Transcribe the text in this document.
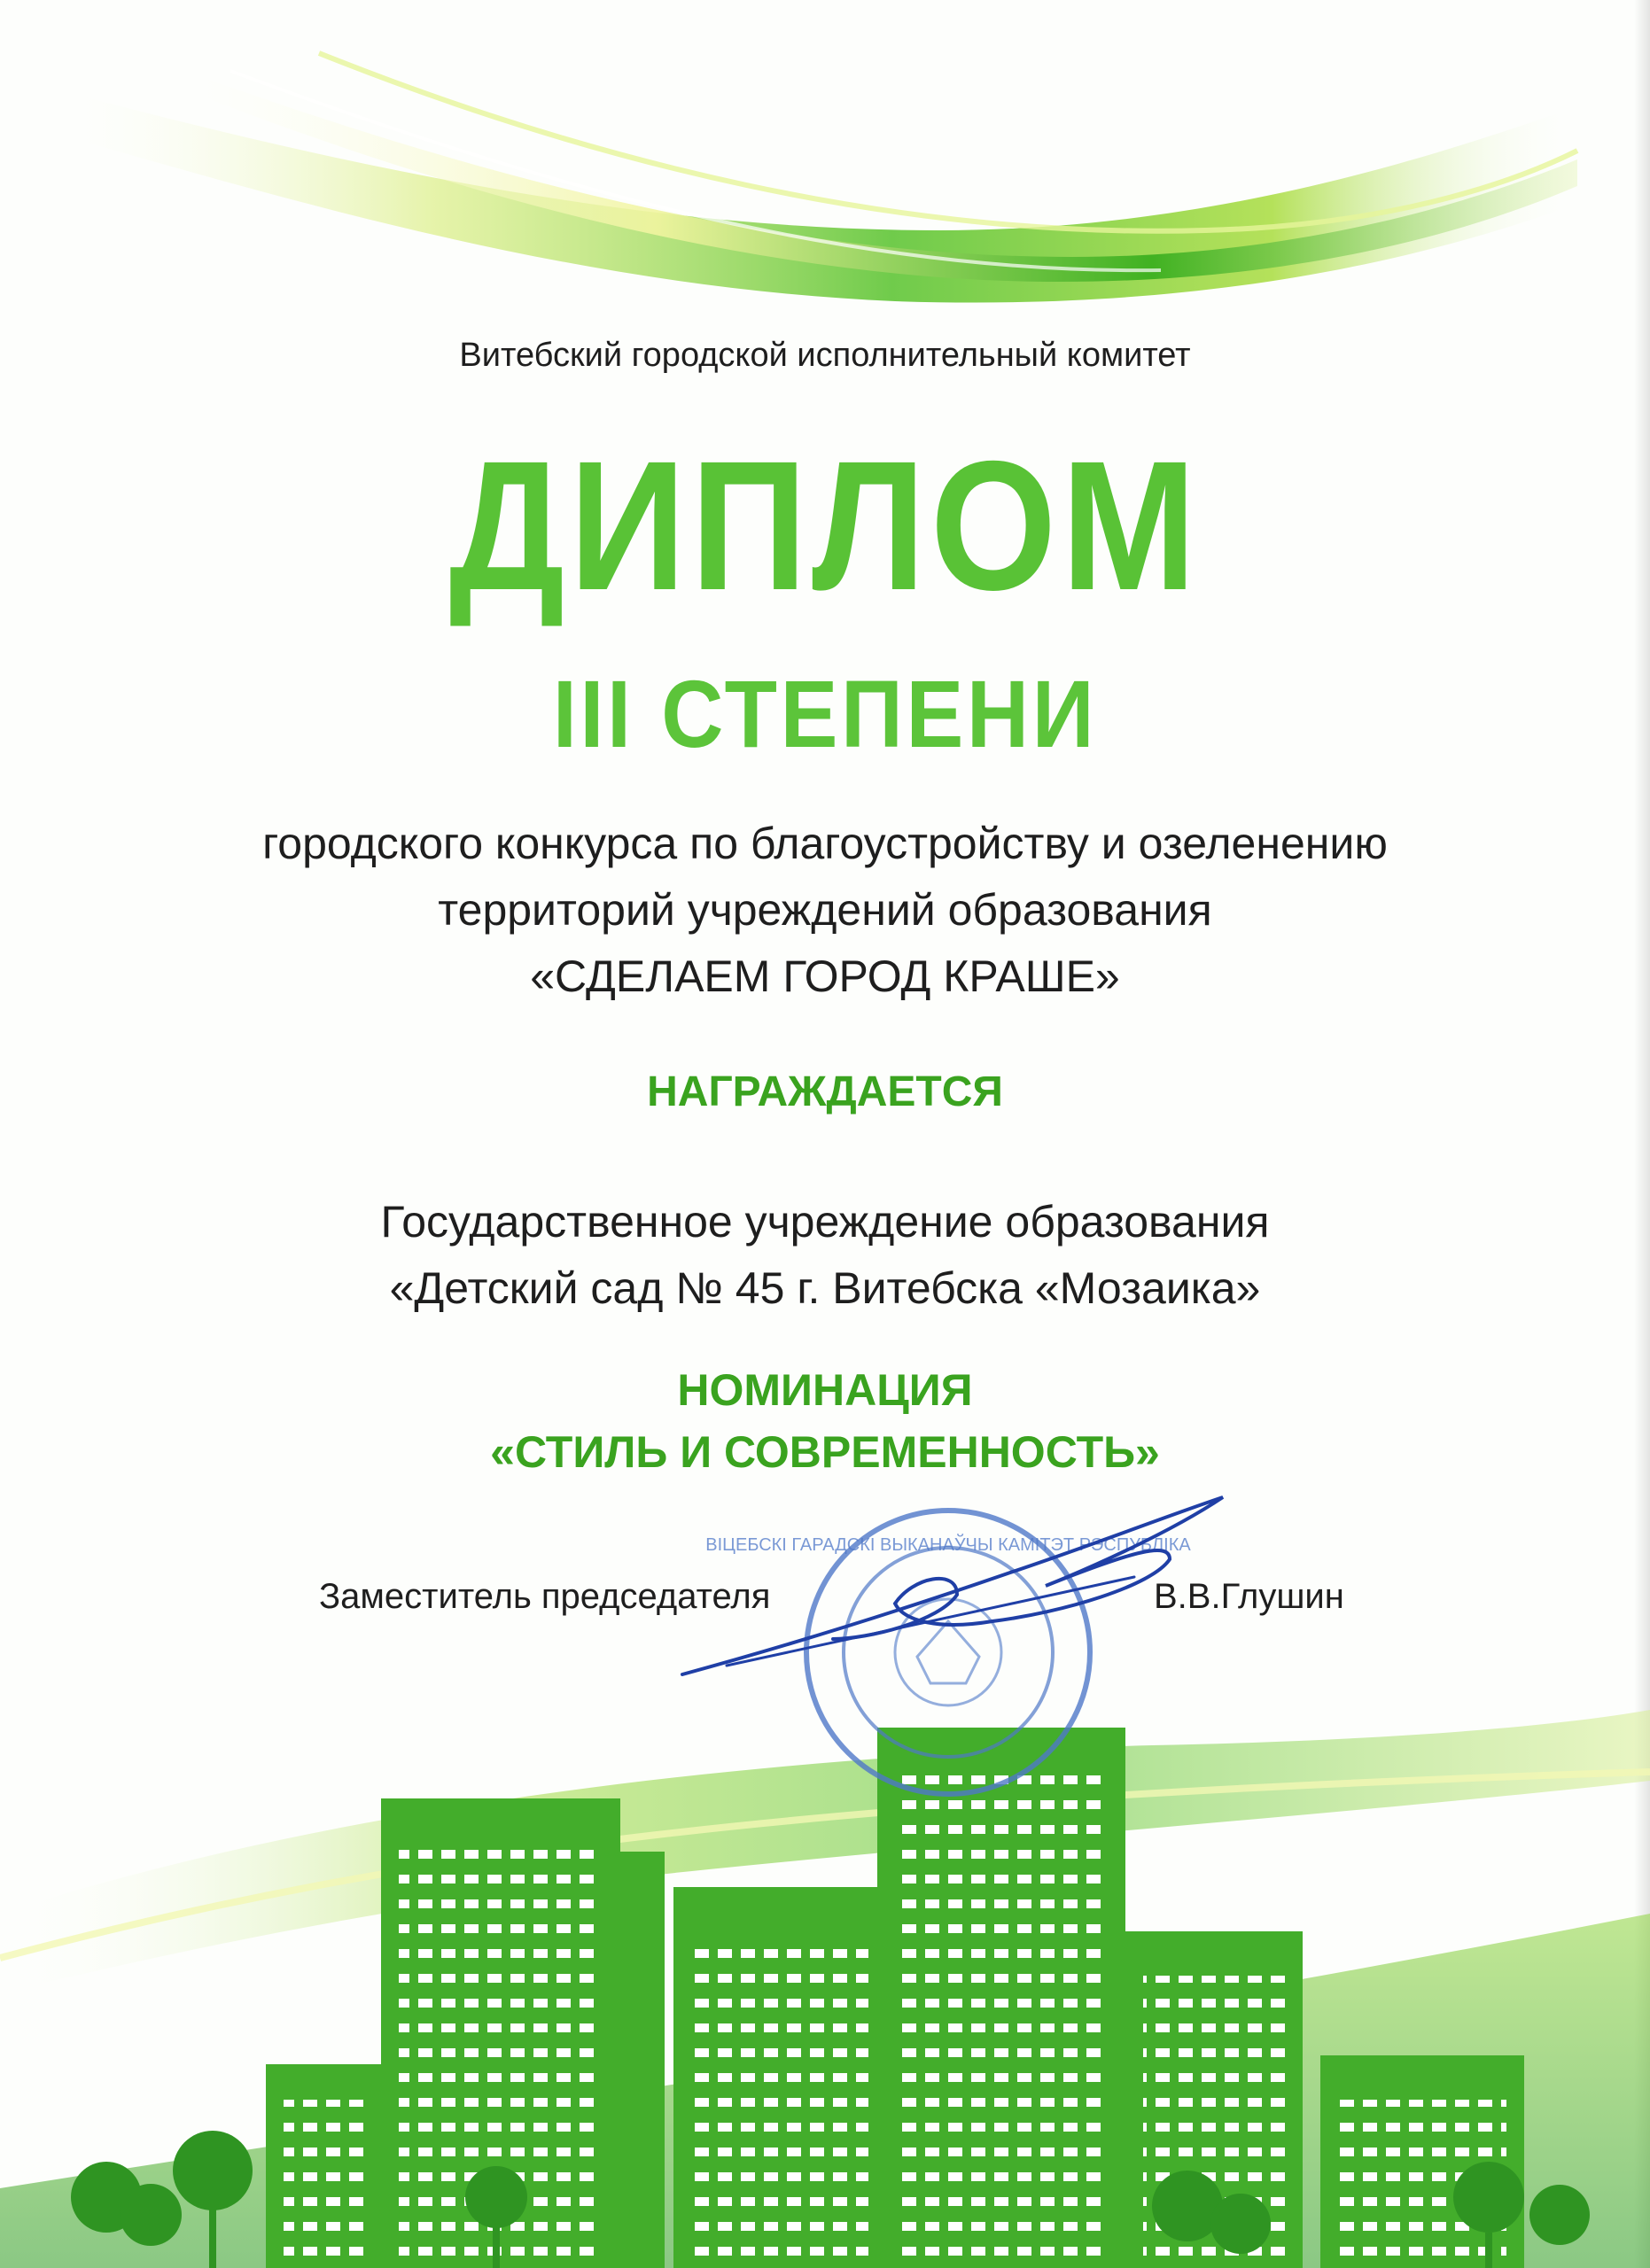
Витебский городской исполнительный комитет
ДИПЛОМ
III СТЕПЕНИ
городского конкурса по благоустройству и озеленению
территорий учреждений образования
«СДЕЛАЕМ ГОРОД КРАШЕ»
НАГРАЖДАЕТСЯ
Государственное учреждение образования
«Детский сад № 45 г. Витебска «Мозаика»
НОМИНАЦИЯ
«СТИЛЬ И СОВРЕМЕННОСТЬ»
ВІЦЕБСКІ ГАРАДСКІ ВЫКАНАЎЧЫ КАМІТЭТ РЭСПУБЛІКА
Заместитель председателя	В.В.Глушин
